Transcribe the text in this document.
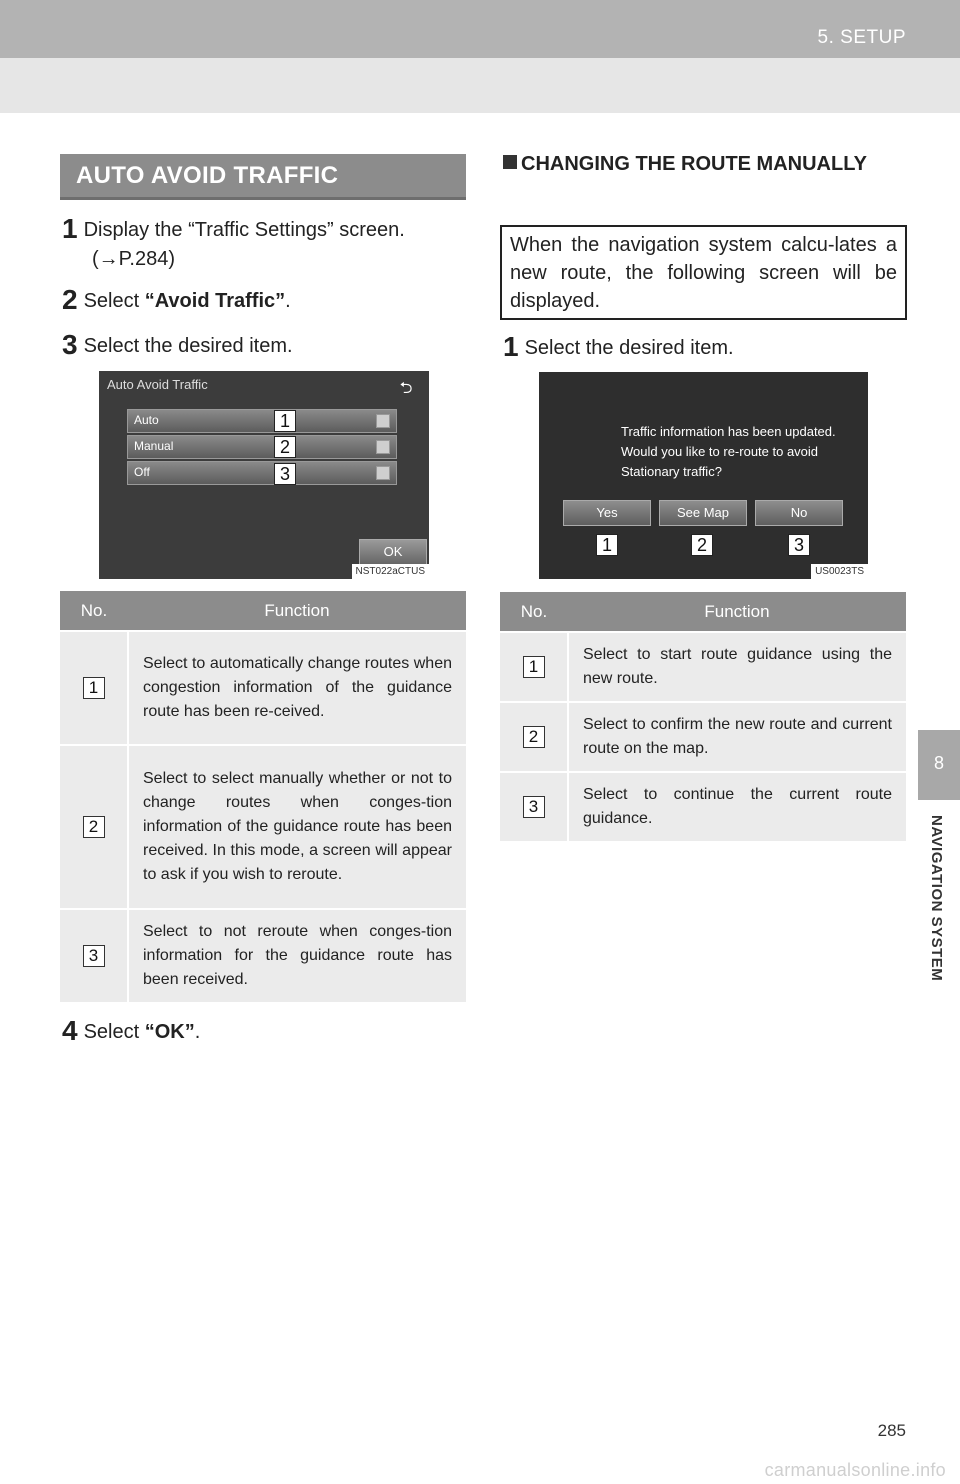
5. SETUP
8
NAVIGATION SYSTEM
AUTO AVOID TRAFFIC
1 Display the “Traffic Settings” screen.
(→P.284)
2 Select “Avoid Traffic”.
3 Select the desired item.
Auto Avoid Traffic	⮌
Auto
Manual
Off
1
2
3
OK
NST022aCTUS
No.	Function
1	Select to automatically change routes when congestion information of the guidance route has been re-ceived.
2	Select to select manually whether or not to change routes when conges-tion information of the guidance route has been received. In this mode, a screen will appear to ask if you wish to reroute.
3	Select to not reroute when conges-tion information for the guidance route has been received.
4 Select “OK”.
CHANGING THE ROUTE MANUALLY
When the navigation system calcu-lates a new route, the following screen will be displayed.
1 Select the desired item.
Traffic information has been updated.
Would you like to re-route to avoid
Stationary traffic?
Yes	See Map	No
1	2	3
US0023TS
No.	Function
1	Select to start route guidance using the new route.
2	Select to confirm the new route and current route on the map.
3	Select to continue the current route guidance.
285
carmanualsonline.info
